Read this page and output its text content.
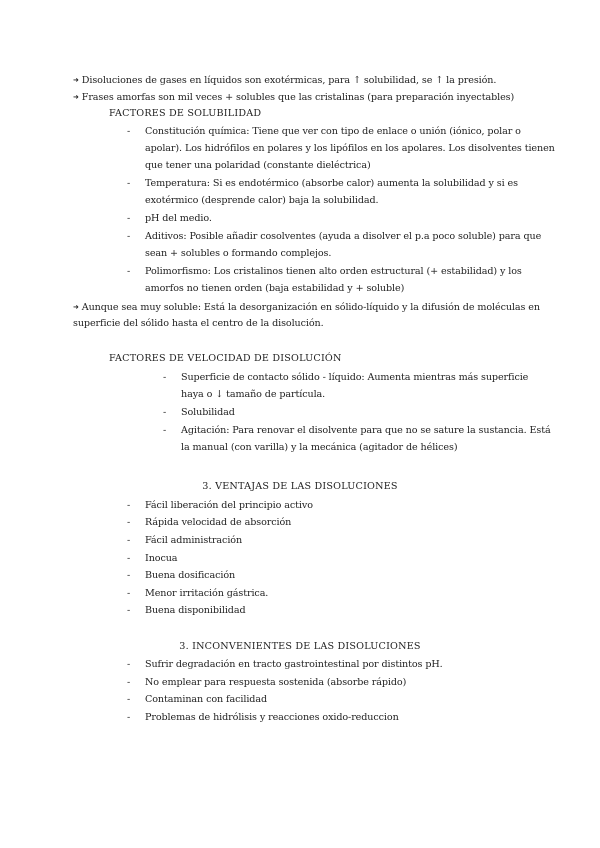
➜ Disoluciones de gases en líquidos son exotérmicas, para ↑ solubilidad, se ↑ la presión.
➜ Frases amorfas son mil veces + solubles que las cristalinas (para preparación inyectables)
FACTORES DE SOLUBILIDAD
- Constitución química: Tiene que ver con tipo de enlace o unión (iónico, polar o
apolar). Los hidrófilos en polares y los lipófilos en los apolares. Los disolventes tienen
que tener una polaridad (constante dieléctrica)
- Temperatura: Si es endotérmico (absorbe calor) aumenta la solubilidad y si es
exotérmico (desprende calor) baja la solubilidad.
- pH del medio.
- Aditivos: Posible añadir cosolventes (ayuda a disolver el p.a poco soluble) para que
sean + solubles o formando complejos.
- Polimorfismo: Los cristalinos tienen alto orden estructural (+ estabilidad) y los
amorfos no tienen orden (baja estabilidad y + soluble)
➜ Aunque sea muy soluble: Está la desorganización en sólido-líquido y la difusión de moléculas en
superficie del sólido hasta el centro de la disolución.
FACTORES DE VELOCIDAD DE DISOLUCIÓN
- Superficie de contacto sólido - líquido: Aumenta mientras más superficie
haya o ↓ tamaño de partícula.
- Solubilidad
- Agitación: Para renovar el disolvente para que no se sature la sustancia. Está
la manual (con varilla) y la mecánica (agitador de hélices)
3. VENTAJAS DE LAS DISOLUCIONES
- Fácil liberación del principio activo
- Rápida velocidad de absorción
- Fácil administración
- Inocua
- Buena dosificación
- Menor irritación gástrica.
- Buena disponibilidad
3. INCONVENIENTES DE LAS DISOLUCIONES
- Sufrir degradación en tracto gastrointestinal por distintos pH.
- No emplear para respuesta sostenida (absorbe rápido)
- Contaminan con facilidad
- Problemas de hidrólisis y reacciones oxido-reduccion
